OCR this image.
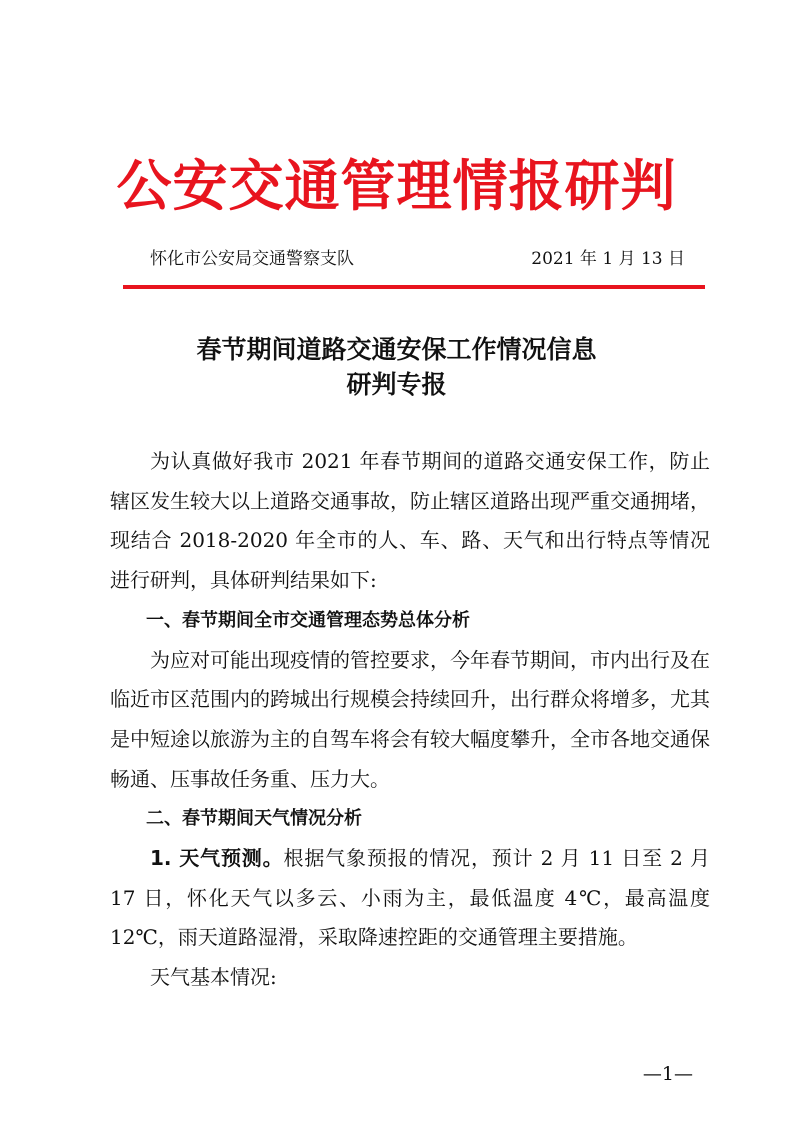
公安交通管理情报研判
怀化市公安局交通警察支队	2021 年 1 月 13 日
春节期间道路交通安保工作情况信息
研判专报

为认真做好我市 2021 年春节期间的道路交通安保工作，防止辖区发生较大以上道路交通事故，防止辖区道路出现严重交通拥堵，现结合 2018-2020 年全市的人、车、路、天气和出行特点等情况进行研判，具体研判结果如下:

一、春节期间全市交通管理态势总体分析

为应对可能出现疫情的管控要求，今年春节期间，市内出行及在临近市区范围内的跨城出行规模会持续回升，出行群众将增多，尤其是中短途以旅游为主的自驾车将会有较大幅度攀升，全市各地交通保畅通、压事故任务重、压力大。

二、春节期间天气情况分析

1. 天气预测。根据气象预报的情况，预计 2 月 11 日至 2 月 17 日，怀化天气以多云、小雨为主，最低温度 4℃，最高温度 12℃，雨天道路湿滑，采取降速控距的交通管理主要措施。

天气基本情况:

—1—
